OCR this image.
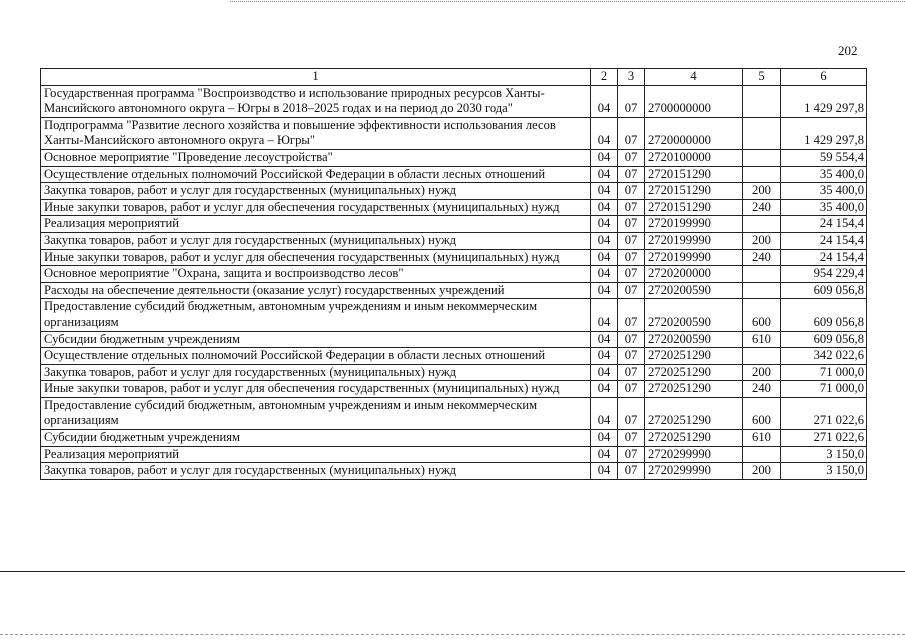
202
1	2	3	4	5	6
Государственная программа "Воспроизводство и использование природных ресурсов Ханты-Мансийского автономного округа – Югры в 2018–2025 годах и на период до 2030 года"	04	07	2700000000		1 429 297,8
Подпрограмма "Развитие лесного хозяйства и повышение эффективности использования лесов Ханты-Мансийского автономного округа – Югры"	04	07	2720000000		1 429 297,8
Основное мероприятие "Проведение лесоустройства"	04	07	2720100000		59 554,4
Осуществление отдельных полномочий Российской Федерации в области лесных отношений	04	07	2720151290		35 400,0
Закупка товаров, работ и услуг для государственных (муниципальных) нужд	04	07	2720151290	200	35 400,0
Иные закупки товаров, работ и услуг для обеспечения государственных (муниципальных) нужд	04	07	2720151290	240	35 400,0
Реализация мероприятий	04	07	2720199990		24 154,4
Закупка товаров, работ и услуг для государственных (муниципальных) нужд	04	07	2720199990	200	24 154,4
Иные закупки товаров, работ и услуг для обеспечения государственных (муниципальных) нужд	04	07	2720199990	240	24 154,4
Основное мероприятие "Охрана, защита и воспроизводство лесов"	04	07	2720200000		954 229,4
Расходы на обеспечение деятельности (оказание услуг) государственных учреждений	04	07	2720200590		609 056,8
Предоставление субсидий бюджетным, автономным учреждениям и иным некоммерческим организациям	04	07	2720200590	600	609 056,8
Субсидии бюджетным учреждениям	04	07	2720200590	610	609 056,8
Осуществление отдельных полномочий Российской Федерации в области лесных отношений	04	07	2720251290		342 022,6
Закупка товаров, работ и услуг для государственных (муниципальных) нужд	04	07	2720251290	200	71 000,0
Иные закупки товаров, работ и услуг для обеспечения государственных (муниципальных) нужд	04	07	2720251290	240	71 000,0
Предоставление субсидий бюджетным, автономным учреждениям и иным некоммерческим организациям	04	07	2720251290	600	271 022,6
Субсидии бюджетным учреждениям	04	07	2720251290	610	271 022,6
Реализация мероприятий	04	07	2720299990		3 150,0
Закупка товаров, работ и услуг для государственных (муниципальных) нужд	04	07	2720299990	200	3 150,0
